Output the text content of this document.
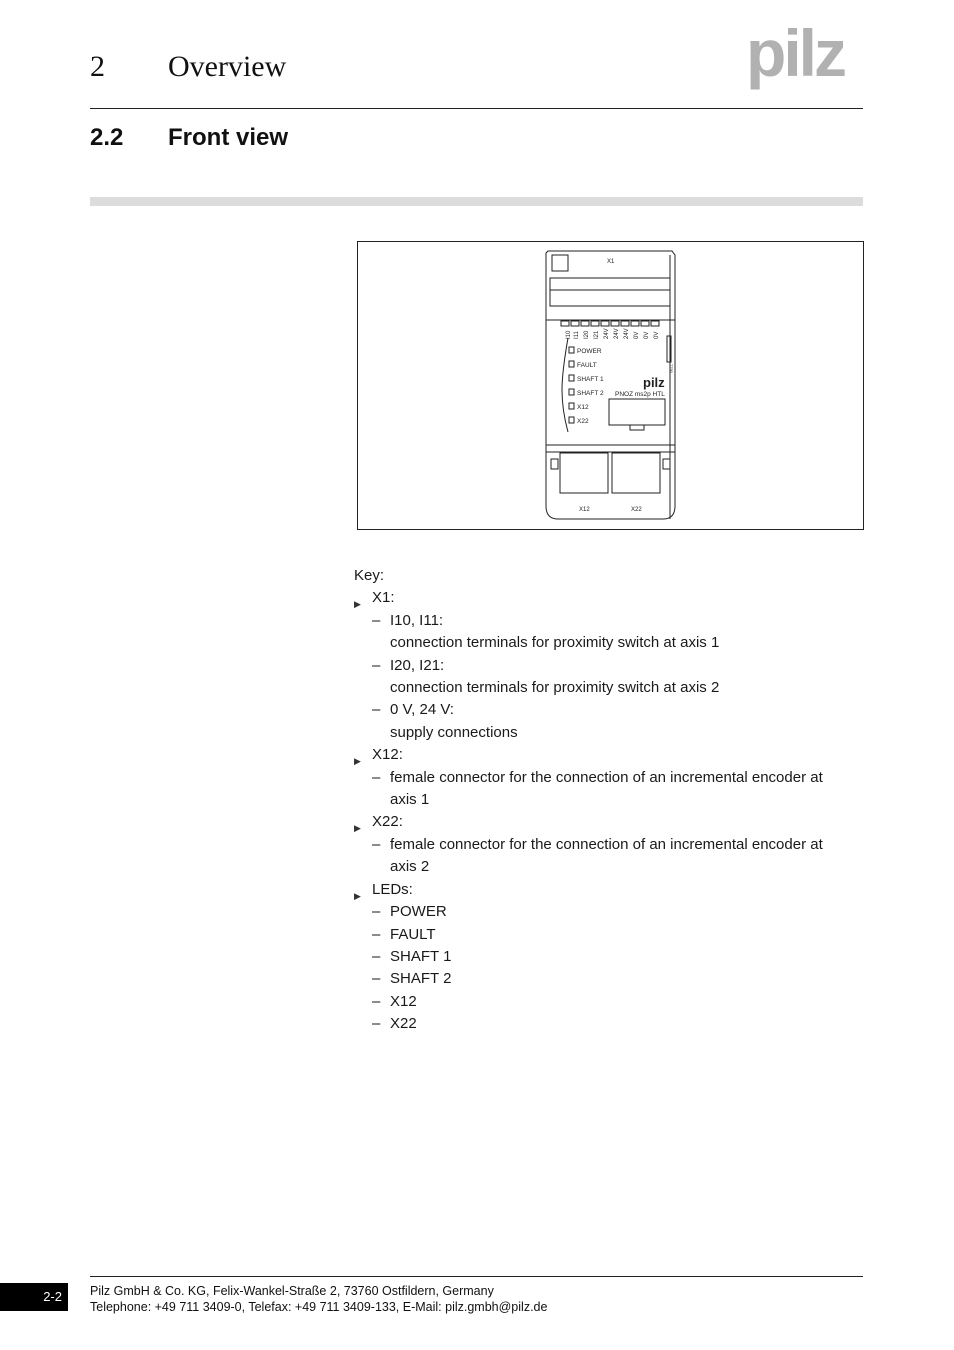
2 Overview	pilz
2.2 Front view
X1
I10 I11 I20 I21 24V 24V 24V 0V 0V 0V
POWER
FAULT
SHAFT 1
SHAFT 2
X12
X22
pilz
PNOZ ms2p HTL
7790
X12	X22
Key:
▶ X1:
– I10, I11:
connection terminals for proximity switch at axis 1
– I20, I21:
connection terminals for proximity switch at axis 2
– 0 V, 24 V:
supply connections
▶ X12:
– female connector for the connection of an incremental encoder at
axis 1
▶ X22:
– female connector for the connection of an incremental encoder at
axis 2
▶ LEDs:
– POWER
– FAULT
– SHAFT 1
– SHAFT 2
– X12
– X22
2-2	Pilz GmbH & Co. KG, Felix-Wankel-Straße 2, 73760 Ostfildern, Germany
Telephone: +49 711 3409-0, Telefax: +49 711 3409-133, E-Mail: pilz.gmbh@pilz.de
